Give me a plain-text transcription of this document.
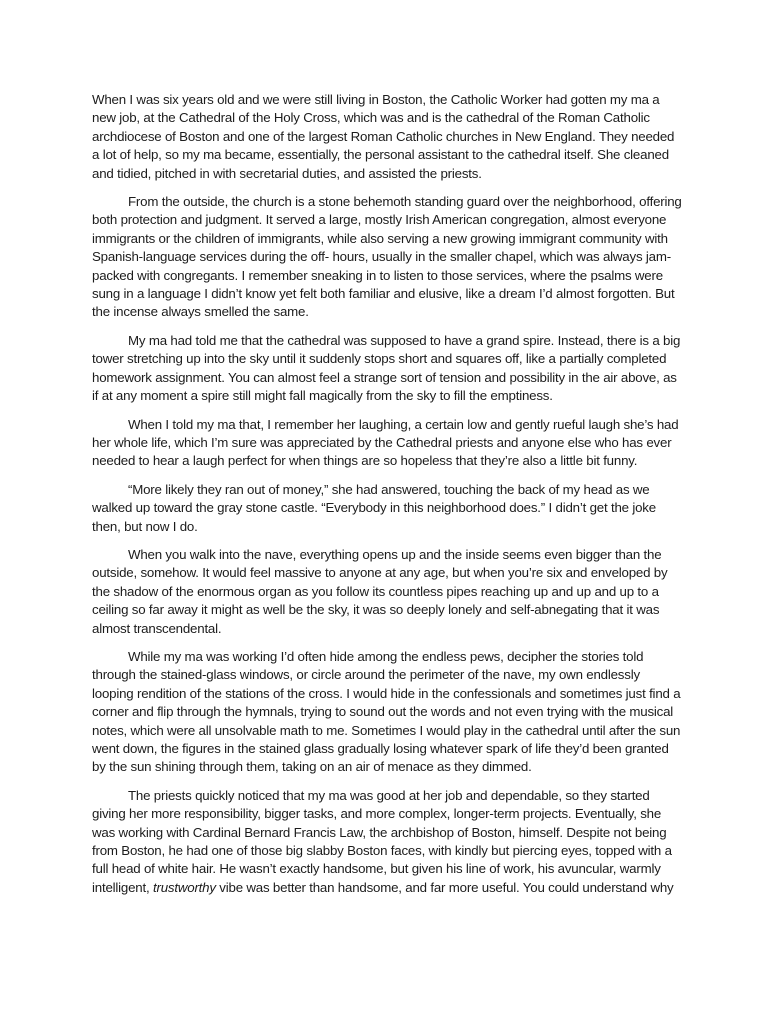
When I was six years old and we were still living in Boston, the Catholic Worker had gotten my ma a new job, at the Cathedral of the Holy Cross, which was and is the cathedral of the Roman Catholic archdiocese of Boston and one of the largest Roman Catholic churches in New England. They needed a lot of help, so my ma became, essentially, the personal assistant to the cathedral itself. She cleaned and tidied, pitched in with secretarial duties, and assisted the priests.

From the outside, the church is a stone behemoth standing guard over the neighborhood, offering both protection and judgment. It served a large, mostly Irish American congregation, almost everyone immigrants or the children of immigrants, while also serving a new growing immigrant community with Spanish-language services during the off- hours, usually in the smaller chapel, which was always jam-packed with congregants. I remember sneaking in to listen to those services, where the psalms were sung in a language I didn’t know yet felt both familiar and elusive, like a dream I’d almost forgotten. But the incense always smelled the same.

My ma had told me that the cathedral was supposed to have a grand spire. Instead, there is a big tower stretching up into the sky until it suddenly stops short and squares off, like a partially completed homework assignment. You can almost feel a strange sort of tension and possibility in the air above, as if at any moment a spire still might fall magically from the sky to fill the emptiness.

When I told my ma that, I remember her laughing, a certain low and gently rueful laugh she’s had her whole life, which I’m sure was appreciated by the Cathedral priests and anyone else who has ever needed to hear a laugh perfect for when things are so hopeless that they’re also a little bit funny.

“More likely they ran out of money,” she had answered, touching the back of my head as we walked up toward the gray stone castle. “Everybody in this neighborhood does.” I didn’t get the joke then, but now I do.

When you walk into the nave, everything opens up and the inside seems even bigger than the outside, somehow. It would feel massive to anyone at any age, but when you’re six and enveloped by the shadow of the enormous organ as you follow its countless pipes reaching up and up and up to a ceiling so far away it might as well be the sky, it was so deeply lonely and self-abnegating that it was almost transcendental.

While my ma was working I’d often hide among the endless pews, decipher the stories told through the stained-glass windows, or circle around the perimeter of the nave, my own endlessly looping rendition of the stations of the cross. I would hide in the confessionals and sometimes just find a corner and flip through the hymnals, trying to sound out the words and not even trying with the musical notes, which were all unsolvable math to me. Sometimes I would play in the cathedral until after the sun went down, the figures in the stained glass gradually losing whatever spark of life they’d been granted by the sun shining through them, taking on an air of menace as they dimmed.

The priests quickly noticed that my ma was good at her job and dependable, so they started giving her more responsibility, bigger tasks, and more complex, longer-term projects. Eventually, she was working with Cardinal Bernard Francis Law, the archbishop of Boston, himself. Despite not being from Boston, he had one of those big slabby Boston faces, with kindly but piercing eyes, topped with a full head of white hair. He wasn’t exactly handsome, but given his line of work, his avuncular, warmly intelligent, trustworthy vibe was better than handsome, and far more useful. You could understand why
